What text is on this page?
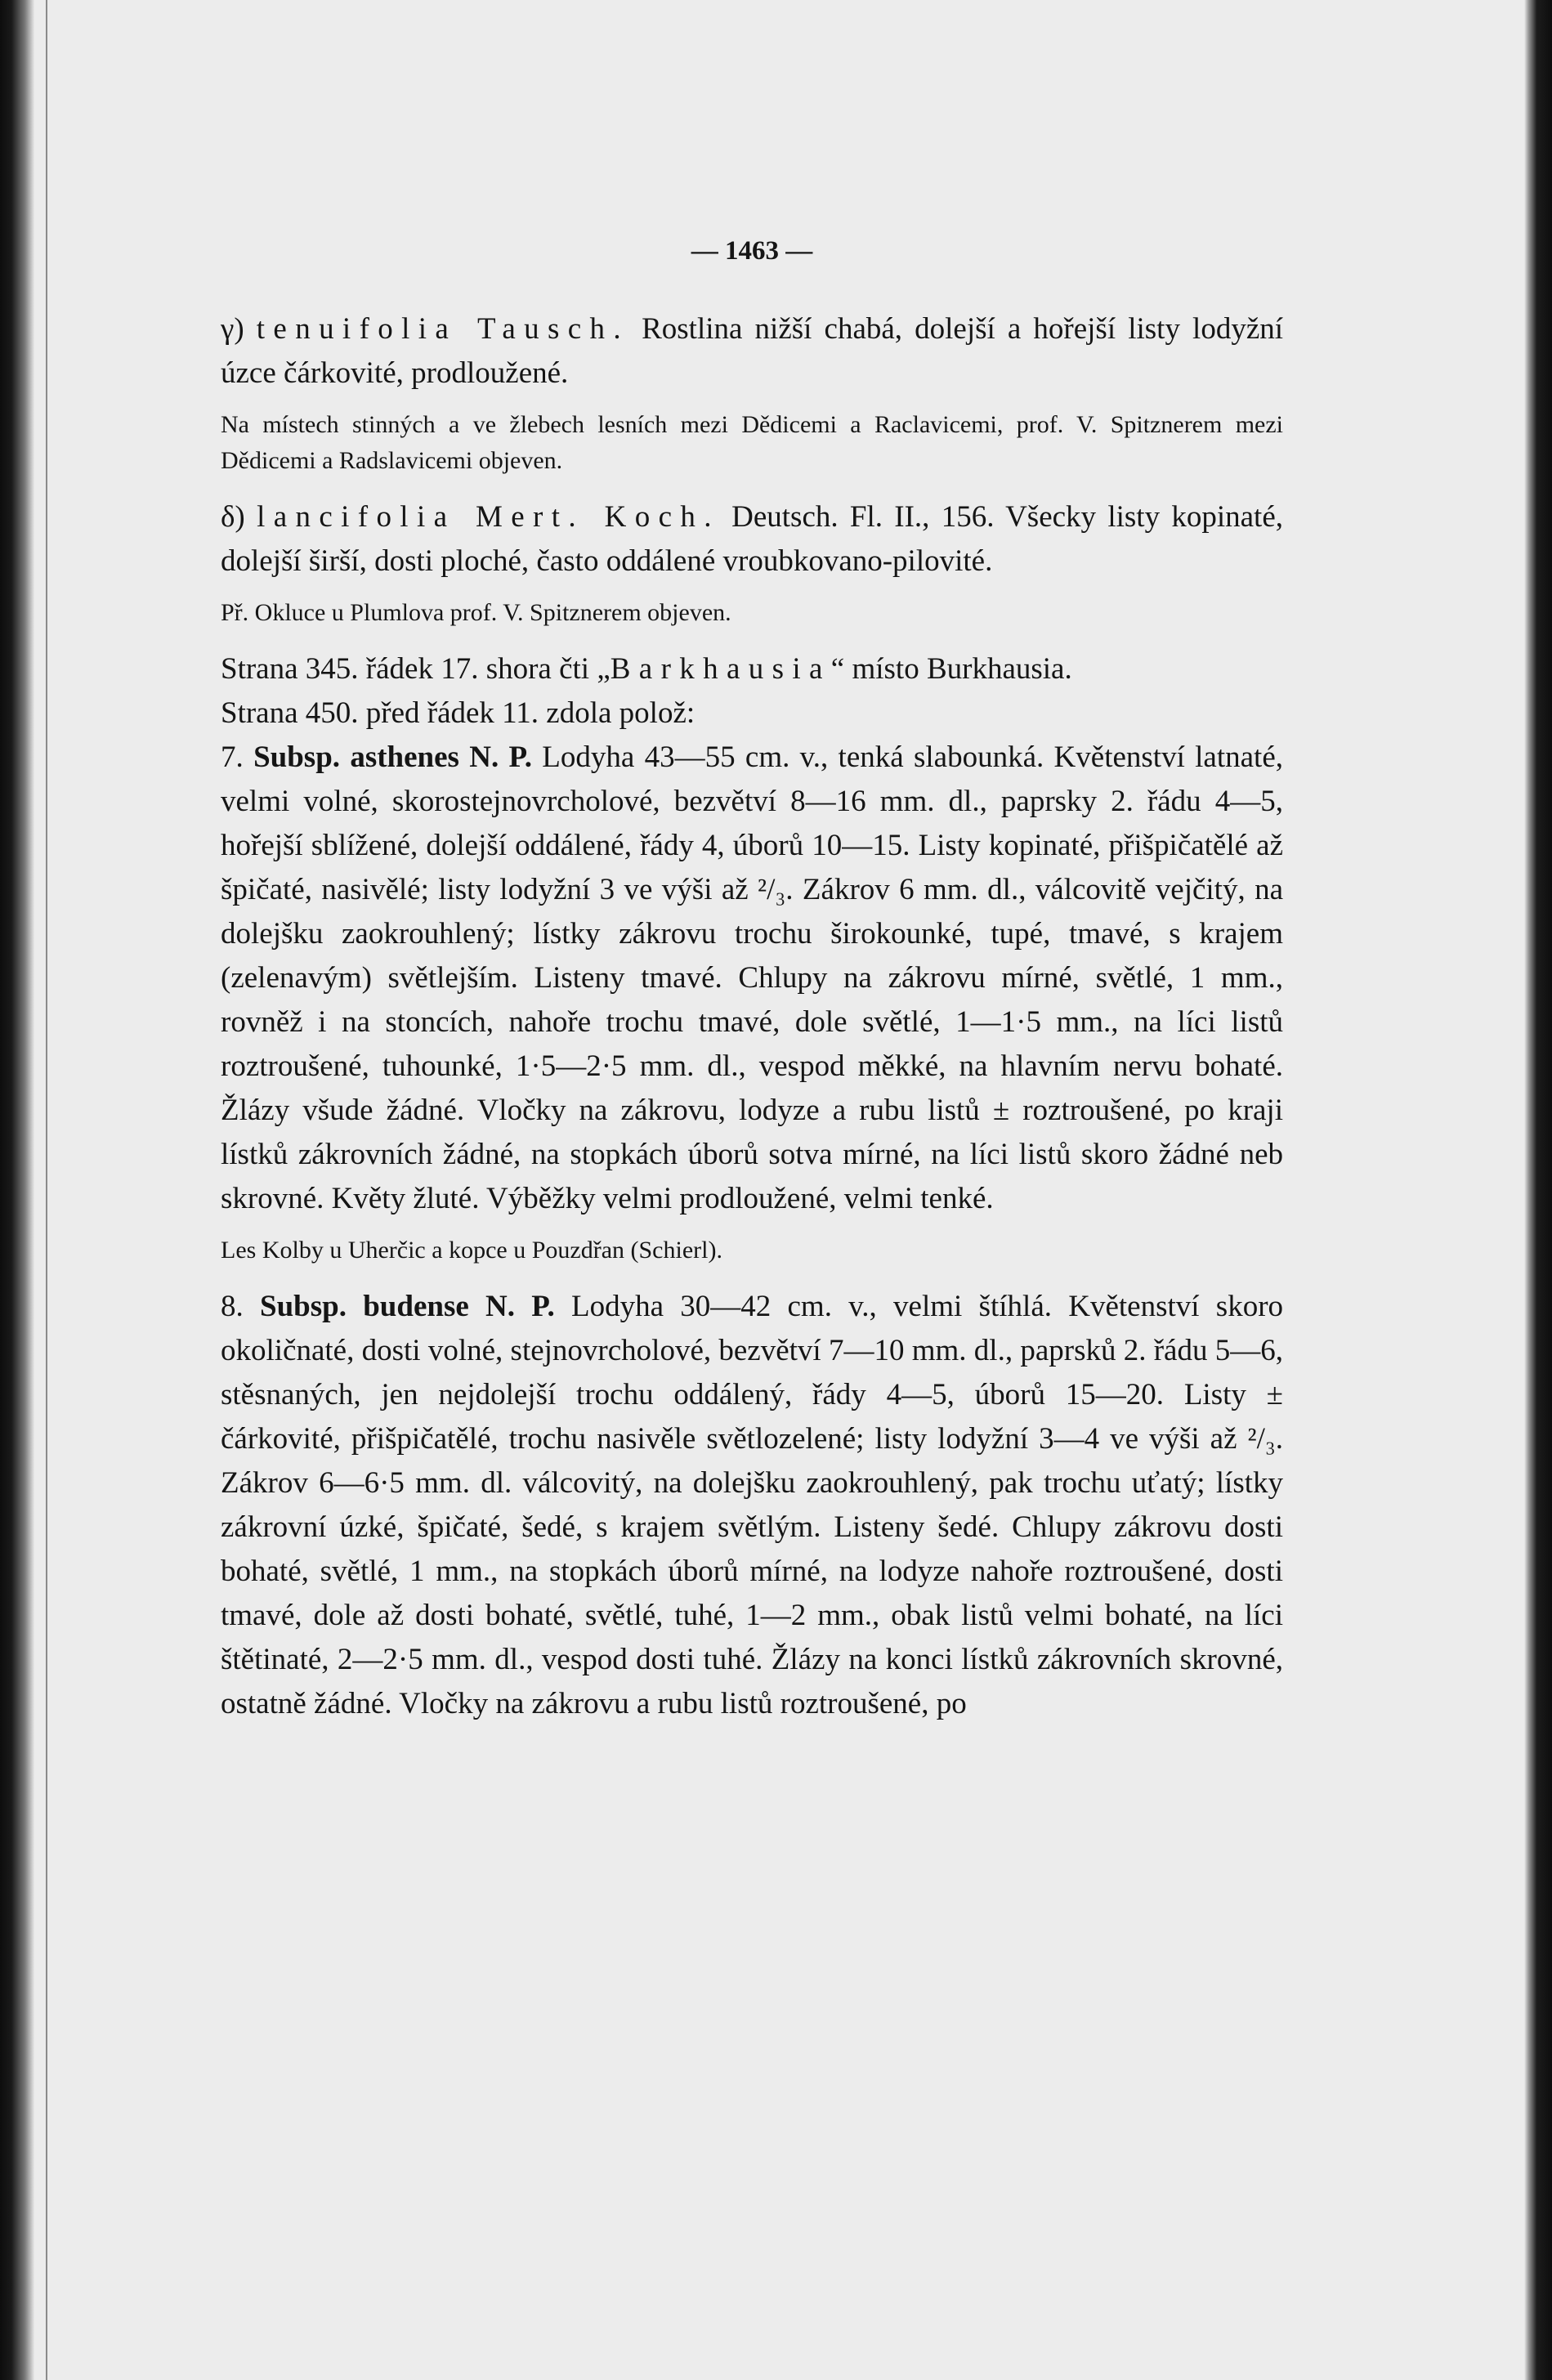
— 1463 —

γ) tenuifolia Tausch. Rostlina nižší chabá, dolejší a hořejší listy lodyžní úzce čárkovité, prodloužené.

Na místech stinných a ve žlebech lesních mezi Dědicemi a Raclavicemi, prof. V. Spitznerem mezi Dědicemi a Radslavicemi objeven.

δ) lancifolia Mert. Koch. Deutsch. Fl. II., 156. Všecky listy kopinaté, dolejší širší, dosti ploché, často oddálené vroubkovano-pilovité.

Př. Okluce u Plumlova prof. V. Spitznerem objeven.

Strana 345. řádek 17. shora čti „Barkhausia“ místo Burkhausia.

Strana 450. před řádek 11. zdola polož:

7. Subsp. asthenes N. P. Lodyha 43—55 cm. v., tenká slabounká. Květenství latnaté, velmi volné, skorostejnovrcholové, bezvětví 8—16 mm. dl., paprsky 2. řádu 4—5, hořejší sblížené, dolejší oddálené, řády 4, úborů 10—15. Listy kopinaté, přišpičatělé až špičaté, nasivělé; listy lodyžní 3 ve výši až ²/₃. Zákrov 6 mm. dl., válcovitě vejčitý, na dolejšku zaokrouhlený; lístky zákrovu trochu širokounké, tupé, tmavé, s krajem (zelenavým) světlejším. Listeny tmavé. Chlupy na zákrovu mírné, světlé, 1 mm., rovněž i na stoncích, nahoře trochu tmavé, dole světlé, 1—1·5 mm., na líci listů roztroušené, tuhounké, 1·5—2·5 mm. dl., vespod měkké, na hlavním nervu bohaté. Žlázy všude žádné. Vločky na zákrovu, lodyze a rubu listů ± roztroušené, po kraji lístků zákrovních žádné, na stopkách úborů sotva mírné, na líci listů skoro žádné neb skrovné. Květy žluté. Výběžky velmi prodloužené, velmi tenké.

Les Kolby u Uherčic a kopce u Pouzdřan (Schierl).

8. Subsp. budense N. P. Lodyha 30—42 cm. v., velmi štíhlá. Květenství skoro okoličnaté, dosti volné, stejnovrcholové, bezvětví 7—10 mm. dl., paprsků 2. řádu 5—6, stěsnaných, jen nejdolejší trochu oddálený, řády 4—5, úborů 15—20. Listy ± čárkovité, přišpičatělé, trochu nasivěle světlozelené; listy lodyžní 3—4 ve výši až ²/₃. Zákrov 6—6·5 mm. dl. válcovitý, na dolejšku zaokrouhlený, pak trochu uťatý; lístky zákrovní úzké, špičaté, šedé, s krajem světlým. Listeny šedé. Chlupy zákrovu dosti bohaté, světlé, 1 mm., na stopkách úborů mírné, na lodyze nahoře roztroušené, dosti tmavé, dole až dosti bohaté, světlé, tuhé, 1—2 mm., obak listů velmi bohaté, na líci štětinaté, 2—2·5 mm. dl., vespod dosti tuhé. Žlázy na konci lístků zákrovních skrovné, ostatně žádné. Vločky na zákrovu a rubu listů roztroušené, po
